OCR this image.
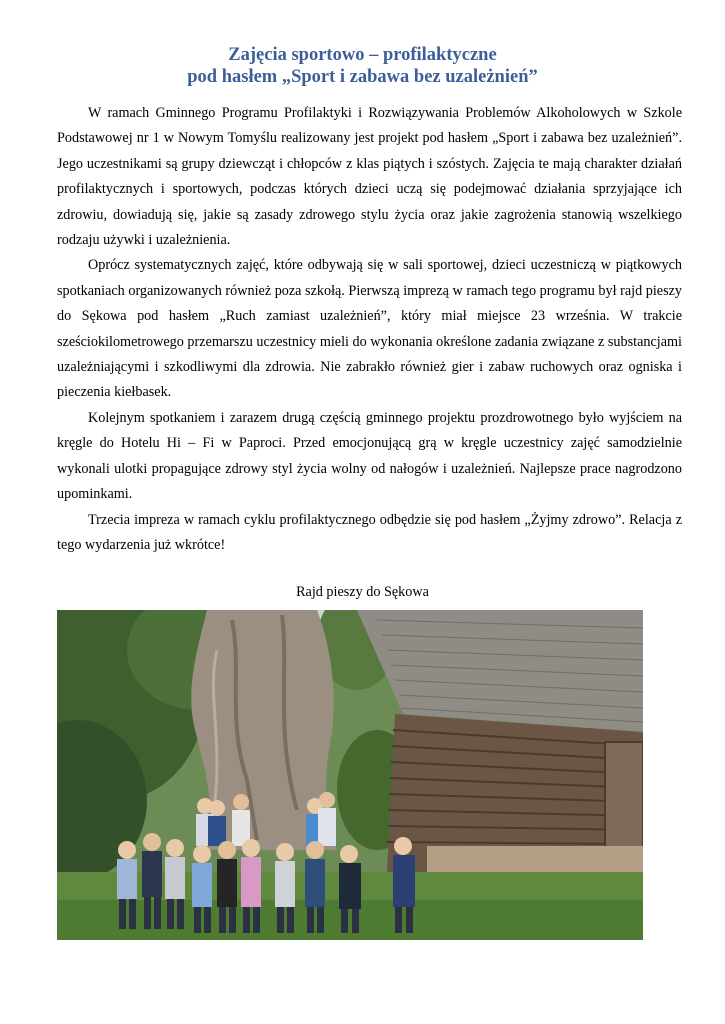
Zajęcia sportowo – profilaktyczne
pod hasłem „Sport i zabawa bez uzależnień”

W ramach Gminnego Programu Profilaktyki i Rozwiązywania Problemów Alkoholowych w Szkole Podstawowej nr 1 w Nowym Tomyślu realizowany jest projekt pod hasłem „Sport i zabawa bez uzależnień”. Jego uczestnikami są grupy dziewcząt i chłopców z klas piątych i szóstych. Zajęcia te mają charakter działań profilaktycznych i sportowych, podczas których dzieci uczą się podejmować działania sprzyjające ich zdrowiu, dowiadują się, jakie są zasady zdrowego stylu życia oraz jakie zagrożenia stanowią wszelkiego rodzaju używki i uzależnienia.

Oprócz systematycznych zajęć, które odbywają się w sali sportowej, dzieci uczestniczą w piątkowych spotkaniach organizowanych również poza szkołą. Pierwszą imprezą w ramach tego programu był rajd pieszy do Sękowa pod hasłem „Ruch zamiast uzależnień”, który miał miejsce 23 września. W trakcie sześciokilometrowego przemarszu uczestnicy mieli do wykonania określone zadania związane z substancjami uzależniającymi i szkodliwymi dla zdrowia. Nie zabrakło również gier i zabaw ruchowych oraz ogniska i pieczenia kiełbasek.

Kolejnym spotkaniem i zarazem drugą częścią gminnego projektu prozdrowotnego było wyjściem na kręgle do Hotelu Hi – Fi w Paproci. Przed emocjonującą grą w kręgle uczestnicy zajęć samodzielnie wykonali ulotki propagujące zdrowy styl życia wolny od nałogów i uzależnień. Najlepsze prace nagrodzono upominkami.

Trzecia impreza w ramach cyklu profilaktycznego odbędzie się pod hasłem „Żyjmy zdrowo”. Relacja z tego wydarzenia już wkrótce!

Rajd pieszy do Sękowa
